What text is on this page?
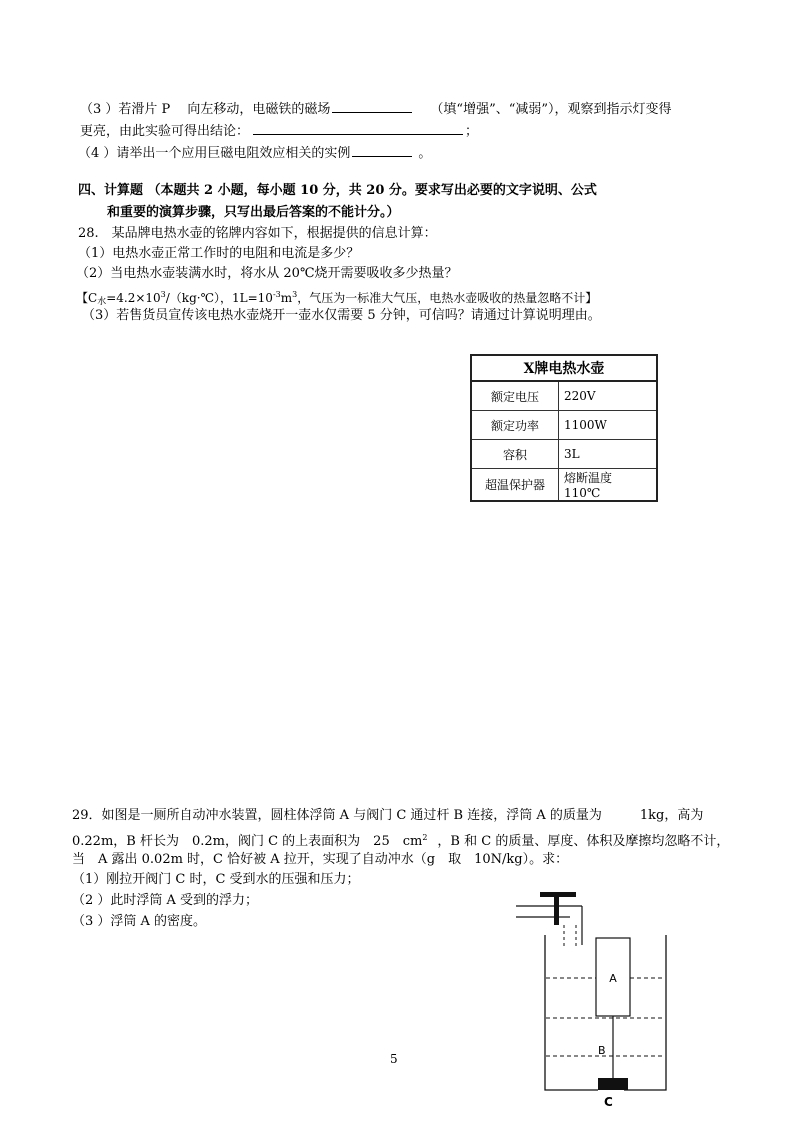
（3 ）若滑片 P　 向左移动，电磁铁的磁场	（填“增强”、“减弱”），观察到指示灯变得
更亮，由此实验可得出结论：	；
（4 ）请举出一个应用巨磁电阻效应相关的实例	。
四、计算题 （本题共 2 小题，每小题 10 分，共 20 分。要求写出必要的文字说明、公式
和重要的演算步骤，只写出最后答案的不能计分。）
28.　某品牌电热水壶的铭牌内容如下，根据提供的信息计算：
（1）电热水壶正常工作时的电阻和电流是多少？
（2）当电热水壶装满水时，将水从 20℃烧开需要吸收多少热量？
【$C_水=4.2\times 10^3/(kg\cdot℃)$，$1L=10^{-3}m^3$，气压为一标准大气压，电热水壶吸收的热量忽略不计】
（3）若售货员宣传该电热水壶烧开一壶水仅需要 5 分钟，可信吗？请通过计算说明理由。
X牌电热水壶	
额定电压	220V
额定功率	1100W
容积	3L
超温保护器	熔断温度 110℃
29．如图是一厕所自动冲水装置，圆柱体浮筒 A 与阀门 C 通过杆 B 连接，浮筒 A 的质量为	1kg，高为
0.22m，B 杆长为　0.2m，阀门 C 的上表面积为　25　$cm^2$ ，B 和 C 的质量、厚度、体积及摩擦均忽略不计，
当　A 露出 0.02m 时，C 恰好被 A 拉开，实现了自动冲水（g　取　10N/kg）。求：
（1）刚拉开阀门 C 时，C 受到水的压强和压力；
（2 ）此时浮筒 A 受到的浮力；
（3 ）浮筒 A 的密度。
A
B
C
5
